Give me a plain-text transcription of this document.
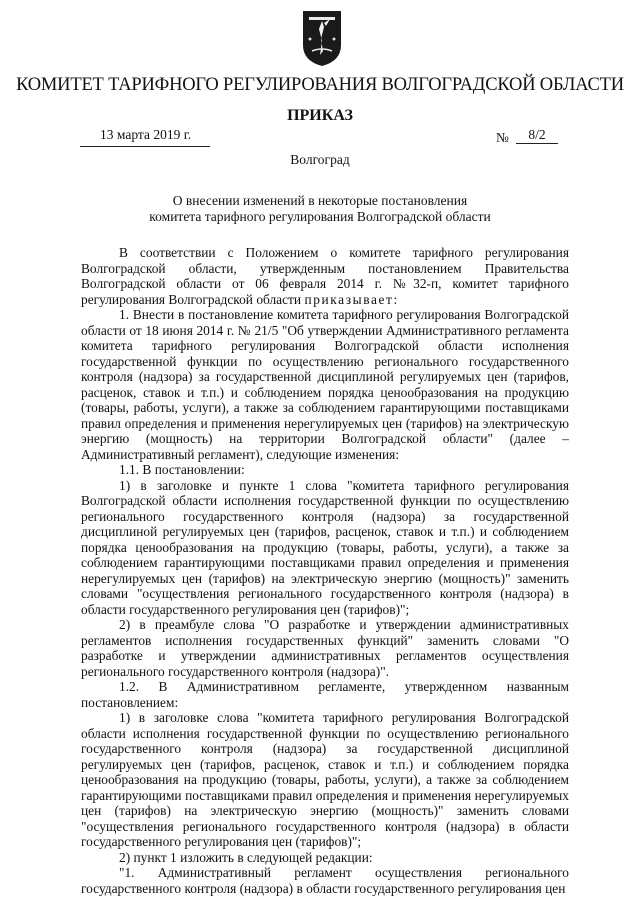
КОМИТЕТ ТАРИФНОГО РЕГУЛИРОВАНИЯ ВОЛГОГРАДСКОЙ ОБЛАСТИ
ПРИКАЗ
13 марта 2019 г.	№	8/2
Волгоград
О внесении изменений в некоторые постановления
комитета тарифного регулирования Волгоградской области

В соответствии с Положением о комитете тарифного регулирования Волгоградской области, утвержденным постановлением Правительства Волгоградской области от 06 февраля 2014 г. №32-п, комитет тарифного регулирования Волгоградской области приказывает:

1. Внести в постановление комитета тарифного регулирования Волгоградской области от 18 июня 2014 г. № 21/5 "Об утверждении Административного регламента комитета тарифного регулирования Волгоградской области исполнения государственной функции по осуществлению регионального государственного контроля (надзора) за государственной дисциплиной регулируемых цен (тарифов, расценок, ставок и т.п.) и соблюдением порядка ценообразования на продукцию (товары, работы, услуги), а также за соблюдением гарантирующими поставщиками правил определения и применения нерегулируемых цен (тарифов) на электрическую энергию (мощность) на территории Волгоградской области" (далее – Административный регламент), следующие изменения:

1.1. В постановлении:

1) в заголовке и пункте 1 слова "комитета тарифного регулирования Волгоградской области исполнения государственной функции по осуществлению регионального государственного контроля (надзора) за государственной дисциплиной регулируемых цен (тарифов, расценок, ставок и т.п.) и соблюдением порядка ценообразования на продукцию (товары, работы, услуги), а также за соблюдением гарантирующими поставщиками правил определения и применения нерегулируемых цен (тарифов) на электрическую энергию (мощность)" заменить словами "осуществления регионального государственного контроля (надзора) в области государственного регулирования цен (тарифов)";

2) в преамбуле слова "О разработке и утверждении административных регламентов исполнения государственных функций" заменить словами "О разработке и утверждении административных регламентов осуществления регионального государственного контроля (надзора)".

1.2. В Административном регламенте, утвержденном названным постановлением:

1) в заголовке слова "комитета тарифного регулирования Волгоградской области исполнения государственной функции по осуществлению регионального государственного контроля (надзора) за государственной дисциплиной регулируемых цен (тарифов, расценок, ставок и т.п.) и соблюдением порядка ценообразования на продукцию (товары, работы, услуги), а также за соблюдением гарантирующими поставщиками правил определения и применения нерегулируемых цен (тарифов) на электрическую энергию (мощность)" заменить словами "осуществления регионального государственного контроля (надзора) в области государственного регулирования цен (тарифов)";

2) пункт 1 изложить в следующей редакции:

"1. Административный регламент осуществления регионального государственного контроля (надзора) в области государственного регулирования цен
